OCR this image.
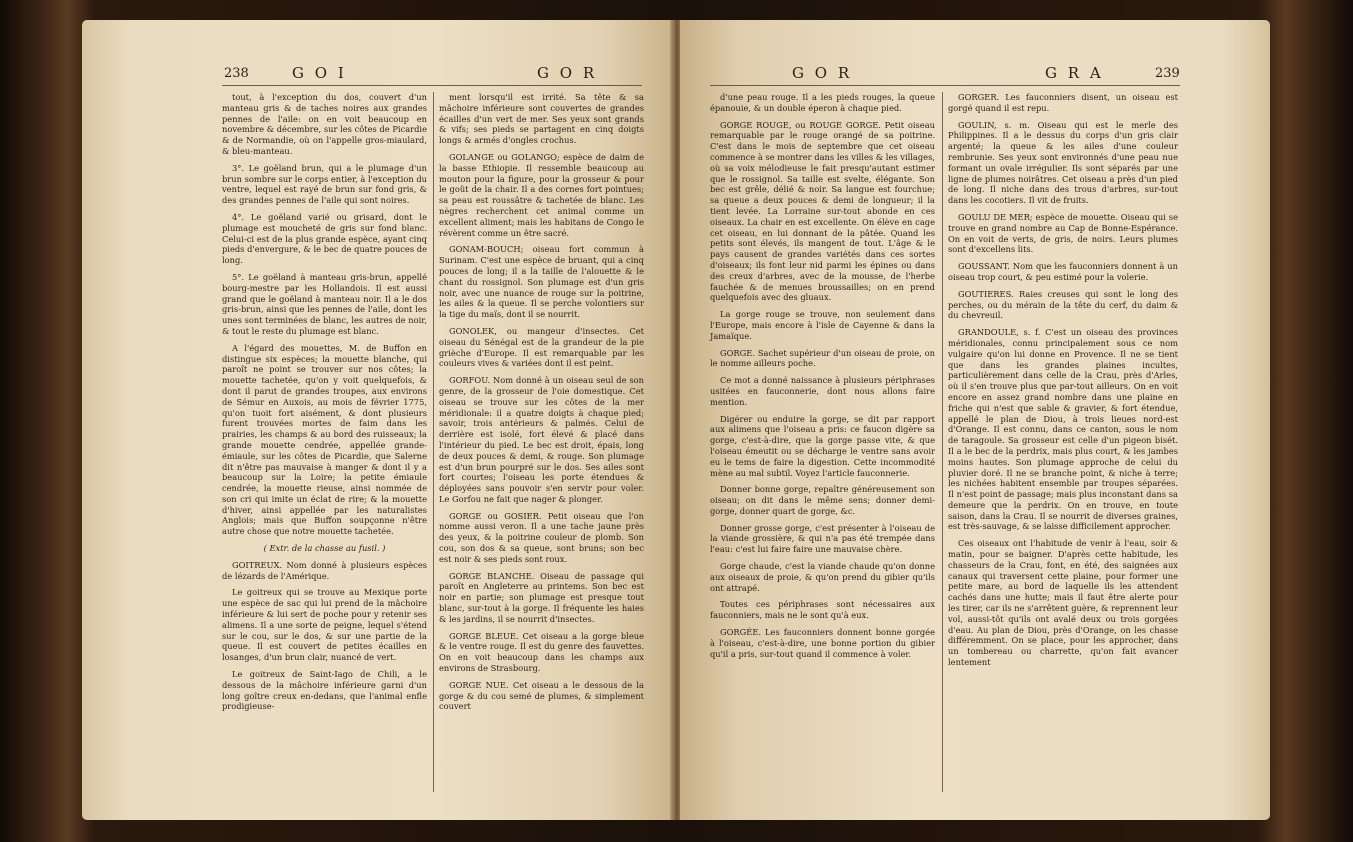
238	G O I	G O R

tout, à l'exception du dos, couvert d'un manteau gris & de taches noires aux grandes pennes de l'aile: on en voit beaucoup en novembre & décembre, sur les côtes de Picardie & de Normandie, où on l'appelle gros-miaulard, & bleu-manteau.

3°. Le goëland brun, qui a le plumage d'un brun sombre sur le corps entier, à l'exception du ventre, lequel est rayé de brun sur fond gris, & des grandes pennes de l'aile qui sont noires.

4°. Le goëland varié ou grisard, dont le plumage est moucheté de gris sur fond blanc. Celui-ci est de la plus grande espèce, ayant cinq pieds d'envergure, & le bec de quatre pouces de long.

5°. Le goëland à manteau gris-brun, appellé bourg-mestre par les Hollandois. Il est aussi grand que le goëland à manteau noir. Il a le dos gris-brun, ainsi que les pennes de l'aile, dont les unes sont terminées de blanc, les autres de noir, & tout le reste du plumage est blanc.

A l'égard des mouettes, M. de Buffon en distingue six espèces; la mouette blanche, qui paroît ne point se trouver sur nos côtes; la mouette tachetée, qu'on y voit quelquefois, & dont il parut de grandes troupes, aux environs de Sémur en Auxois, au mois de février 1775, qu'on tuoit fort aisément, & dont plusieurs furent trouvées mortes de faim dans les prairies, les champs & au bord des ruisseaux; la grande mouette cendrée, appellée grande-émiaule, sur les côtes de Picardie, que Salerne dit n'être pas mauvaise à manger & dont il y a beaucoup sur la Loire; la petite émiaule cendrée, la mouette rieuse, ainsi nommée de son cri qui imite un éclat de rire; & la mouette d'hiver, ainsi appellée par les naturalistes Anglois; mais que Buffon soupçonne n'être autre chose que notre mouette tachetée.

( Extr. de la chasse au fusil. )

GOITREUX. Nom donné à plusieurs espèces de lézards de l'Amérique.

Le goitreux qui se trouve au Mexique porte une espèce de sac qui lui prend de la mâchoire inférieure & lui sert de poche pour y retenir ses alimens. Il a une sorte de peigne, lequel s'étend sur le cou, sur le dos, & sur une partie de la queue. Il est couvert de petites écailles en losanges, d'un brun clair, nuancé de vert.

Le goitreux de Saint-Iago de Chili, a le dessous de la mâchoire inférieure garni d'un long goître creux en-dedans, que l'animal enfle prodigieuse-

ment lorsqu'il est irrité. Sa tête & sa mâchoire inférieure sont couvertes de grandes écailles d'un vert de mer. Ses yeux sont grands & vifs; ses pieds se partagent en cinq doigts longs & armés d'ongles crochus.

GOLANGE ou GOLANGO; espèce de daim de la basse Ethiopie. Il ressemble beaucoup au mouton pour la figure, pour la grosseur & pour le goût de la chair. Il a des cornes fort pointues; sa peau est roussâtre & tachetée de blanc. Les nègres recherchent cet animal comme un excellent aliment; mais les habitans de Congo le révèrent comme un être sacré.

GONAM-BOUCH; oiseau fort commun à Surinam. C'est une espèce de bruant, qui a cinq pouces de long; il a la taille de l'alouette & le chant du rossignol. Son plumage est d'un gris noir, avec une nuance de rouge sur la poitrine, les ailes & la queue. Il se perche volontiers sur la tige du maïs, dont il se nourrit.

GONOLEK, ou mangeur d'insectes. Cet oiseau du Sénégal est de la grandeur de la pie grièche d'Europe. Il est remarquable par les couleurs vives & variées dont il est peint.

GORFOU. Nom donné à un oiseau seul de son genre, de la grosseur de l'oie domestique. Cet oiseau se trouve sur les côtes de la mer méridionale: il a quatre doigts à chaque pied; savoir, trois antérieurs & palmés. Celui de derrière est isolé, fort élevé & placé dans l'intérieur du pied. Le bec est droit, épais, long de deux pouces & demi, & rouge. Son plumage est d'un brun pourpré sur le dos. Ses ailes sont fort courtes; l'oiseau les porte étendues & déployées sans pouvoir s'en servir pour voler. Le Gorfou ne fait que nager & plonger.

GORGE ou GOSIER. Petit oiseau que l'on nomme aussi veron. Il a une tache jaune près des yeux, & la poitrine couleur de plomb. Son cou, son dos & sa queue, sont bruns; son bec est noir & ses pieds sont roux.

GORGE BLANCHE. Oiseau de passage qui paroît en Angleterre au printems. Son bec est noir en partie; son plumage est presque tout blanc, sur-tout à la gorge. Il fréquente les haies & les jardins, il se nourrit d'insectes.

GORGE BLEUE. Cet oiseau a la gorge bleue & le ventre rouge. Il est du genre des fauvettes. On en voit beaucoup dans les champs aux environs de Strasbourg.

GORGE NUE. Cet oiseau a le dessous de la gorge & du cou semé de plumes, & simplement couvert

G O R	G R A	239

d'une peau rouge. Il a les pieds rouges, la queue épanouie, & un double éperon à chaque pied.

GORGE ROUGE, ou ROUGE GORGE. Petit oiseau remarquable par le rouge orangé de sa poitrine. C'est dans le mois de septembre que cet oiseau commence à se montrer dans les villes & les villages, où sa voix mélodieuse le fait presqu'autant estimer que le rossignol. Sa taille est svelte, élégante. Son bec est grêle, délié & noir. Sa langue est fourchue; sa queue a deux pouces & demi de longueur; il la tient levée. La Lorraine sur-tout abonde en ces oiseaux. La chair en est excellente. On élève en cage cet oiseau, en lui donnant de la pâtée. Quand les petits sont élevés, ils mangent de tout. L'âge & le pays causent de grandes variétés dans ces sortes d'oiseaux; ils font leur nid parmi les épines ou dans des creux d'arbres, avec de la mousse, de l'herbe fauchée & de menues broussailles; on en prend quelquefois avec des gluaux.

La gorge rouge se trouve, non seulement dans l'Europe, mais encore à l'isle de Cayenne & dans la Jamaïque.

GORGE. Sachet supérieur d'un oiseau de proie, on le nomme ailleurs poche.

Ce mot a donné naissance à plusieurs périphrases usitées en fauconnerie, dont nous allons faire mention.

Digérer ou enduire la gorge, se dit par rapport aux alimens que l'oiseau a pris: ce faucon digère sa gorge, c'est-à-dire, que la gorge passe vite, & que l'oiseau émeutit ou se décharge le ventre sans avoir eu le tems de faire la digestion. Cette incommodité mène au mal subtil. Voyez l'article fauconnerie.

Donner bonne gorge, repaître généreusement son oiseau; on dit dans le même sens; donner demi-gorge, donner quart de gorge, &c.

Donner grosse gorge, c'est présenter à l'oiseau de la viande grossière, & qui n'a pas été trempée dans l'eau: c'est lui faire faire une mauvaise chère.

Gorge chaude, c'est la viande chaude qu'on donne aux oiseaux de proie, & qu'on prend du gibier qu'ils ont attrapé.

Toutes ces périphrases sont nécessaires aux fauconniers, mais ne le sont qu'à eux.

GORGÉE. Les fauconniers donnent bonne gorgée à l'oiseau, c'est-à-dire, une bonne portion du gibier qu'il a pris, sur-tout quand il commence à voler.

GORGER. Les fauconniers disent, un oiseau est gorgé quand il est repu.

GOULIN, s. m. Oiseau qui est le merle des Philippines. Il a le dessus du corps d'un gris clair argenté; la queue & les ailes d'une couleur rembrunie. Ses yeux sont environnés d'une peau nue formant un ovale irrégulier. Ils sont séparés par une ligne de plumes noirâtres. Cet oiseau a près d'un pied de long. Il niche dans des trous d'arbres, sur-tout dans les cocotiers. Il vit de fruits.

GOULU DE MER; espèce de mouette. Oiseau qui se trouve en grand nombre au Cap de Bonne-Espérance. On en voit de verts, de gris, de noirs. Leurs plumes sont d'excellens lits.

GOUSSANT. Nom que les fauconniers donnent à un oiseau trop court, & peu estimé pour la volerie.

GOUTIERES. Raies creuses qui sont le long des perches, ou du mérain de la tête du cerf, du daim & du chevreuil.

GRANDOULE, s. f. C'est un oiseau des provinces méridionales, connu principalement sous ce nom vulgaire qu'on lui donne en Provence. Il ne se tient que dans les grandes plaines incultes, particulièrement dans celle de la Crau, près d'Arles, où il s'en trouve plus que par-tout ailleurs. On en voit encore en assez grand nombre dans une plaine en friche qui n'est que sable & gravier, & fort étendue, appellé le plan de Diou, à trois lieues nord-est d'Orange. Il est connu, dans ce canton, sous le nom de taragoule. Sa grosseur est celle d'un pigeon bisét. Il a le bec de la perdrix, mais plus court, & les jambes moins hautes. Son plumage approche de celui du pluvier doré. Il ne se branche point, & niche à terre; les nichées habitent ensemble par troupes séparées. Il n'est point de passage; mais plus inconstant dans sa demeure que la perdrix. On en trouve, en toute saison, dans la Crau. Il se nourrit de diverses graines, est très-sauvage, & se laisse difficilement approcher.

Ces oiseaux ont l'habitude de venir à l'eau, soir & matin, pour se baigner. D'après cette habitude, les chasseurs de la Crau, font, en été, des saignées aux canaux qui traversent cette plaine, pour former une petite mare, au bord de laquelle ils les attendent cachés dans une hutte; mais il faut être alerte pour les tirer, car ils ne s'arrêtent guère, & reprennent leur vol, aussi-tôt qu'ils ont avalé deux ou trois gorgées d'eau. Au plan de Diou, près d'Orange, on les chasse différemment. On se place, pour les approcher, dans un tombereau ou charrette, qu'on fait avancer lentement
